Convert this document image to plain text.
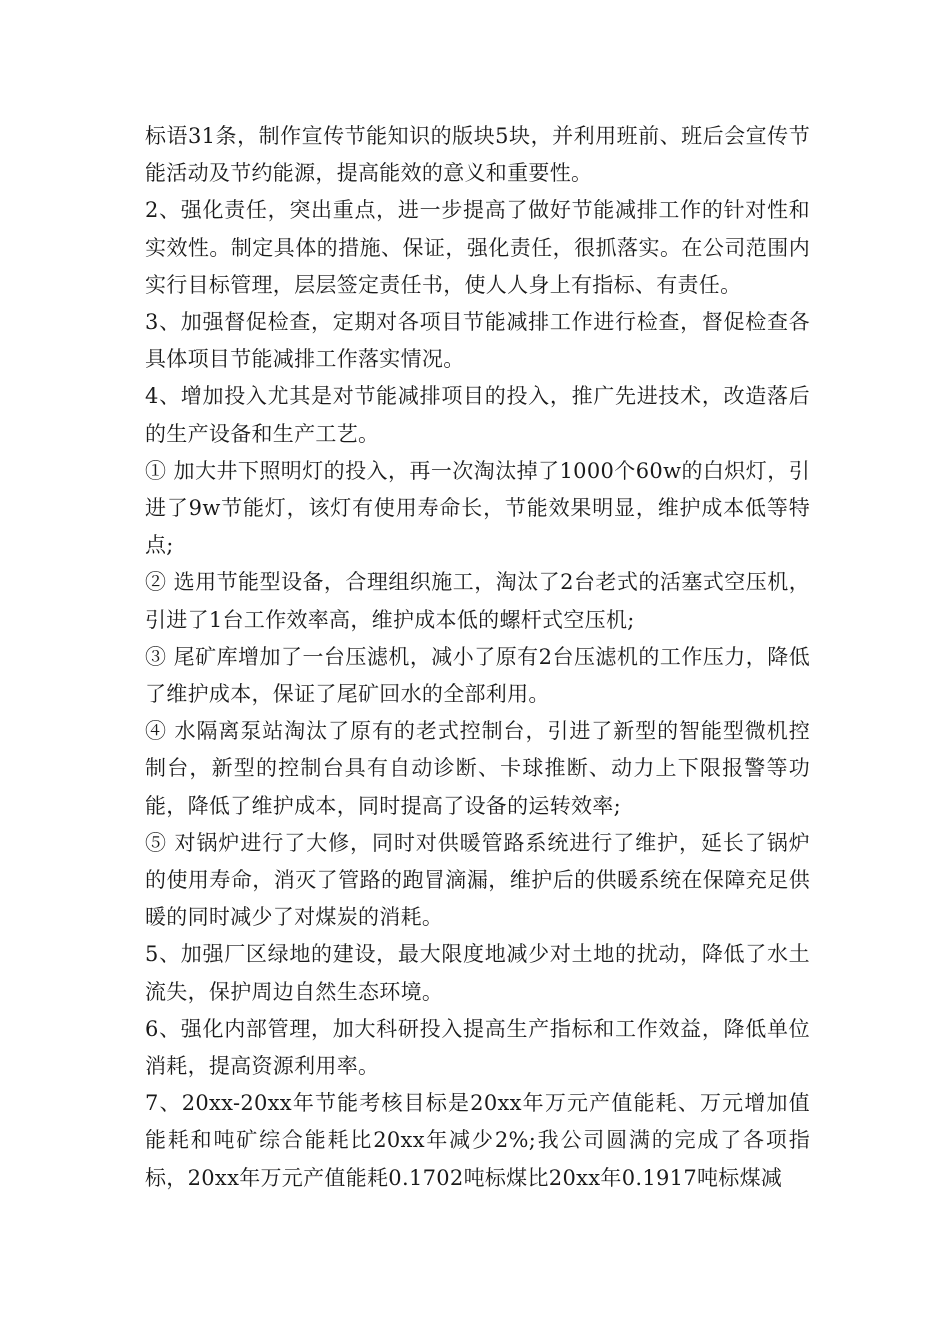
标语31条，制作宣传节能知识的版块5块，并利用班前、班后会宣传节能活动及节约能源，提高能效的意义和重要性。

2、强化责任，突出重点，进一步提高了做好节能减排工作的针对性和实效性。制定具体的措施、保证，强化责任，很抓落实。在公司范围内实行目标管理，层层签定责任书，使人人身上有指标、有责任。

3、加强督促检查，定期对各项目节能减排工作进行检查，督促检查各具体项目节能减排工作落实情况。

4、增加投入尤其是对节能减排项目的投入，推广先进技术，改造落后的生产设备和生产工艺。

① 加大井下照明灯的投入，再一次淘汰掉了1000个60w的白炽灯，引进了9w节能灯，该灯有使用寿命长，节能效果明显，维护成本低等特点;

② 选用节能型设备，合理组织施工，淘汰了2台老式的活塞式空压机，引进了1台工作效率高，维护成本低的螺杆式空压机;

③ 尾矿库增加了一台压滤机，减小了原有2台压滤机的工作压力，降低了维护成本，保证了尾矿回水的全部利用。

④ 水隔离泵站淘汰了原有的老式控制台，引进了新型的智能型微机控制台，新型的控制台具有自动诊断、卡球推断、动力上下限报警等功能，降低了维护成本，同时提高了设备的运转效率;

⑤ 对锅炉进行了大修，同时对供暖管路系统进行了维护，延长了锅炉的使用寿命，消灭了管路的跑冒滴漏，维护后的供暖系统在保障充足供暖的同时减少了对煤炭的消耗。

5、加强厂区绿地的建设，最大限度地减少对土地的扰动，降低了水土流失，保护周边自然生态环境。

6、强化内部管理，加大科研投入提高生产指标和工作效益，降低单位消耗，提高资源利用率。

7、20xx-20xx年节能考核目标是20xx年万元产值能耗、万元增加值能耗和吨矿综合能耗比20xx年减少2%;我公司圆满的完成了各项指标，20xx年万元产值能耗0.1702吨标煤比20xx年0.1917吨标煤减
